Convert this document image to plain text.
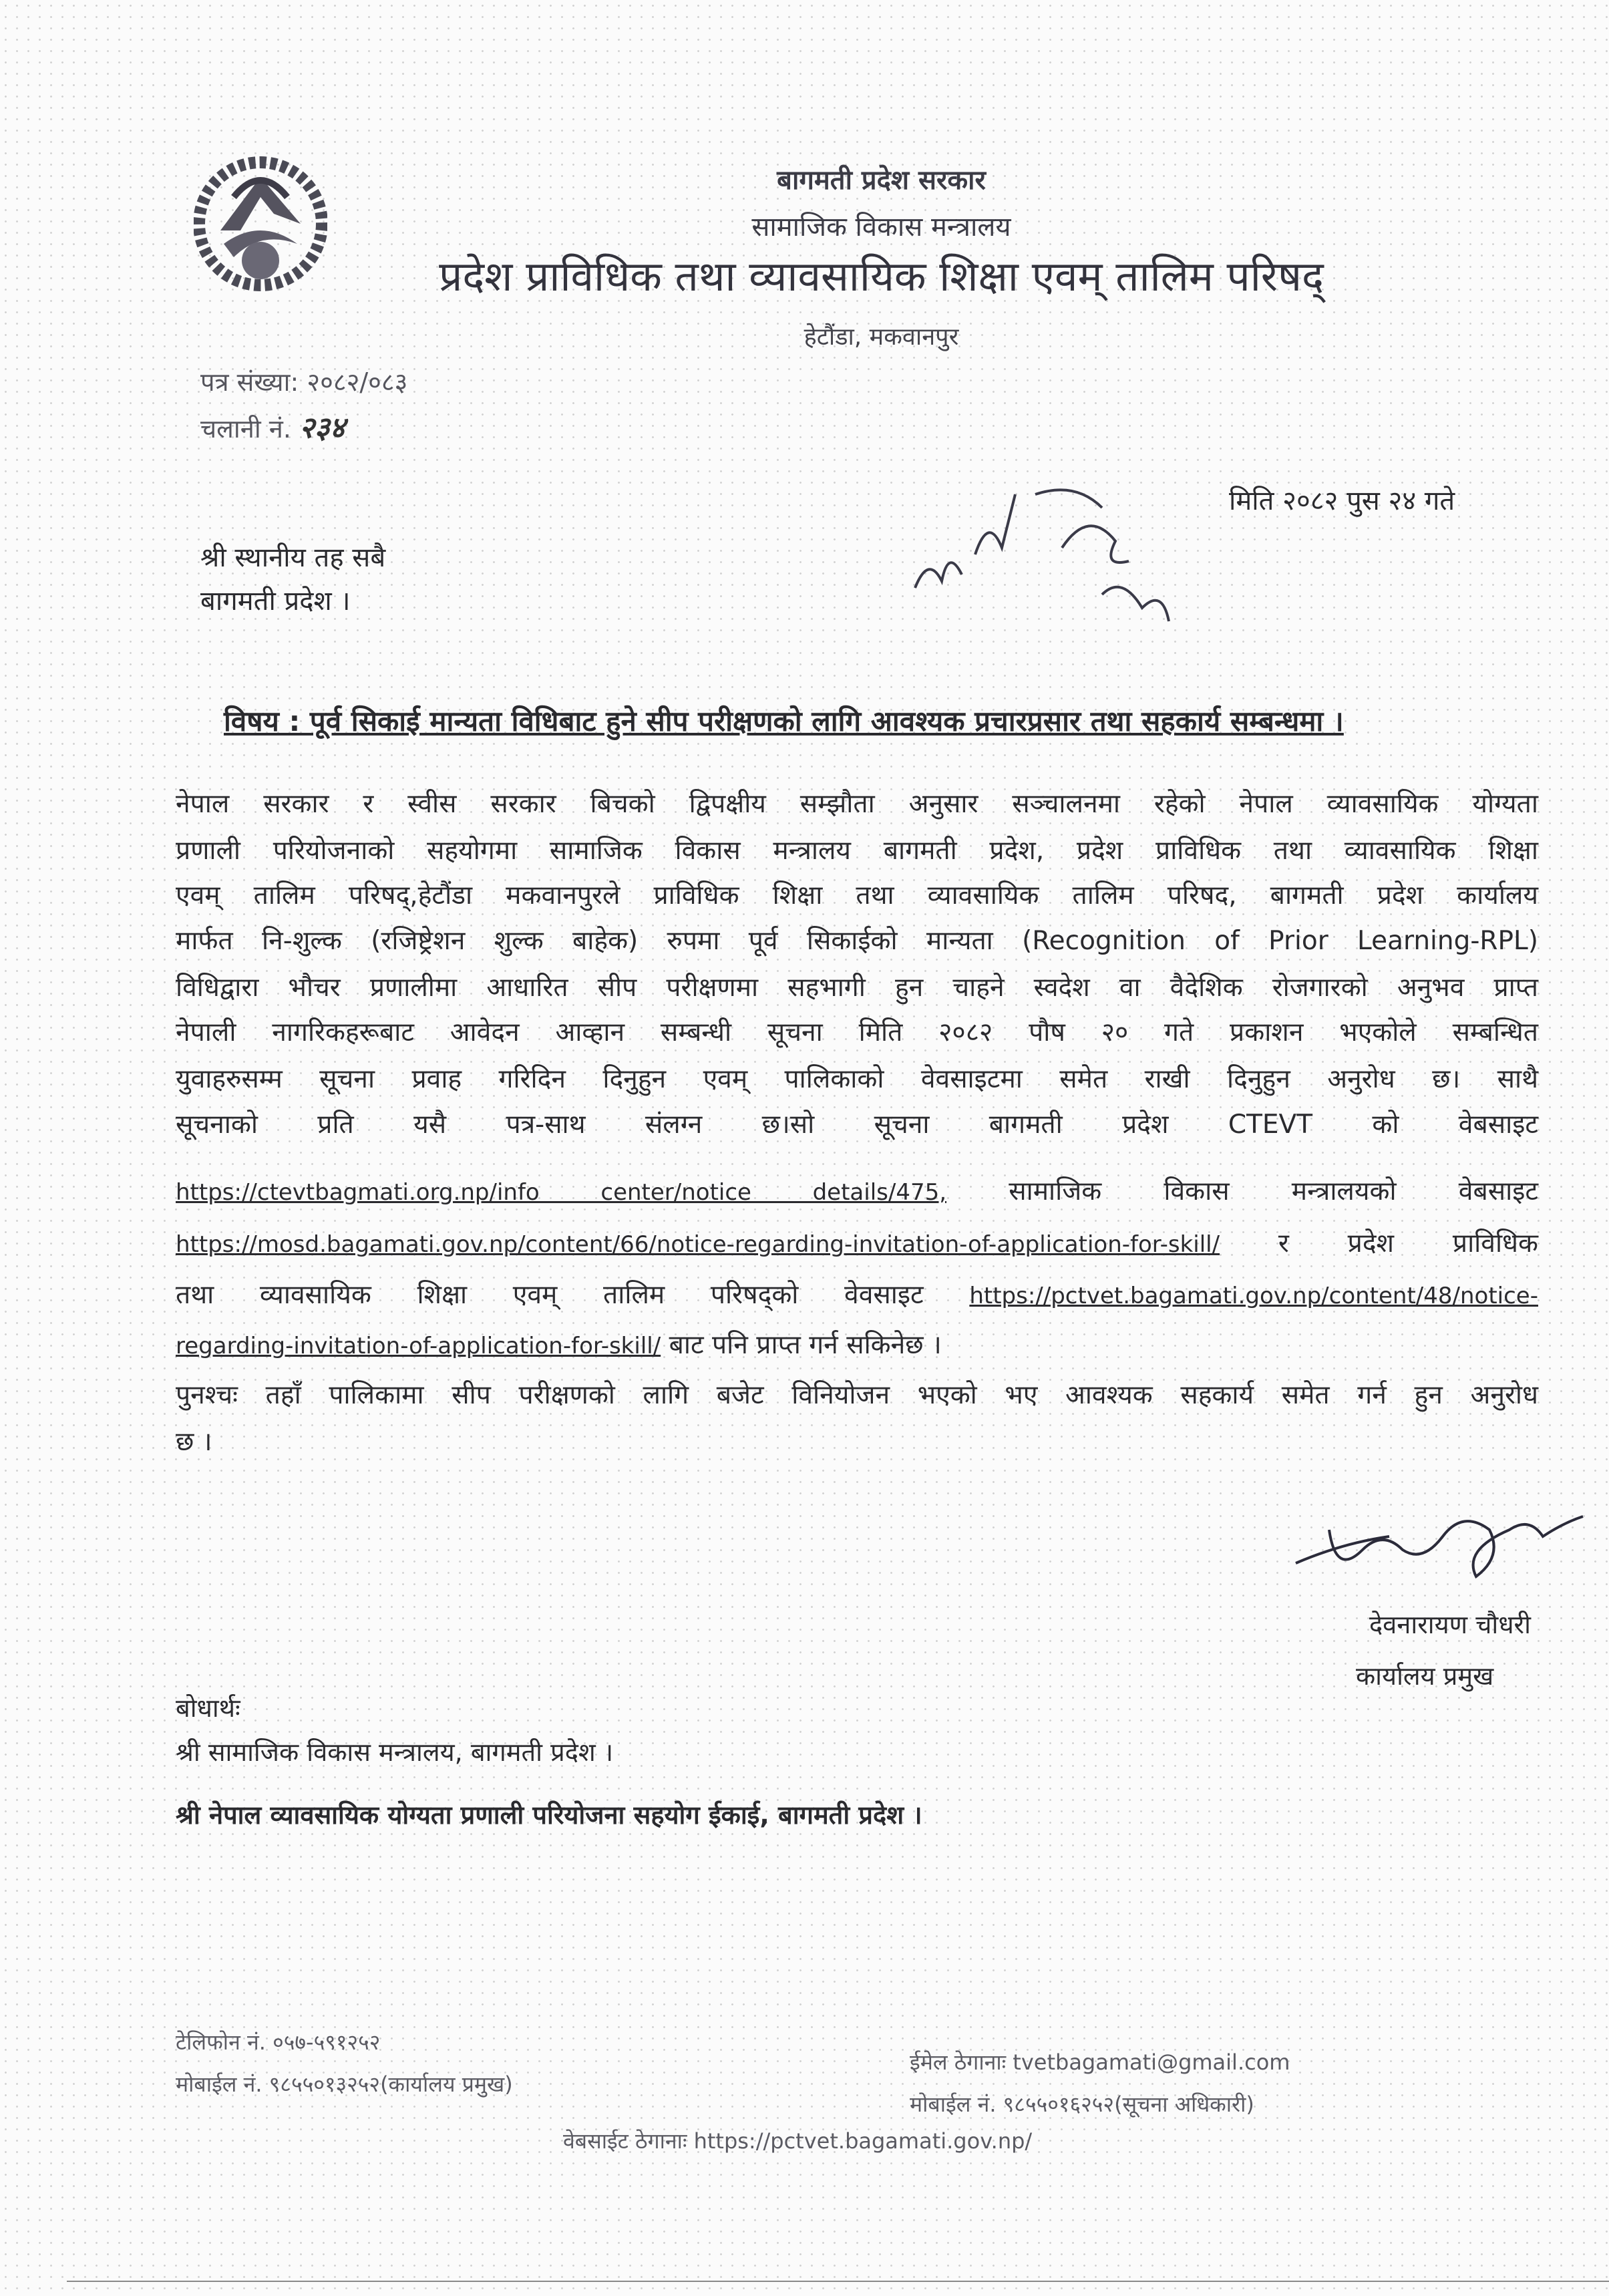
बागमती प्रदेश सरकार
सामाजिक विकास मन्त्रालय
प्रदेश प्राविधिक तथा व्यावसायिक शिक्षा एवम् तालिम परिषद्
हेटौंडा, मकवानपुर
पत्र संख्या: २०८२/०८३
चलानी नं. २३४
मिति २०८२ पुस २४ गते
श्री स्थानीय तह सबै
बागमती प्रदेश ।
विषय : पूर्व सिकाई मान्यता विधिबाट हुने सीप परीक्षणको लागि आवश्यक प्रचारप्रसार तथा सहकार्य सम्बन्धमा ।
नेपाल सरकार र स्वीस सरकार बिचको द्विपक्षीय सम्झौता अनुसार सञ्चालनमा रहेको नेपाल व्यावसायिक योग्यता
प्रणाली परियोजनाको सहयोगमा सामाजिक विकास मन्त्रालय बागमती प्रदेश, प्रदेश प्राविधिक तथा व्यावसायिक शिक्षा
एवम् तालिम परिषद्,हेटौंडा मकवानपुरले प्राविधिक शिक्षा तथा व्यावसायिक तालिम परिषद, बागमती प्रदेश कार्यालय
मार्फत नि-शुल्क (रजिष्ट्रेशन शुल्क बाहेक) रुपमा पूर्व सिकाईको मान्यता (Recognition of Prior Learning-RPL)
विधिद्वारा भौचर प्रणालीमा आधारित सीप परीक्षणमा सहभागी हुन चाहने स्वदेश वा वैदेशिक रोजगारको अनुभव प्राप्त
नेपाली नागरिकहरूबाट आवेदन आव्हान सम्बन्धी सूचना मिति २०८२ पौष २० गते प्रकाशन भएकोले सम्बन्धित
युवाहरुसम्म सूचना प्रवाह गरिदिन दिनुहुन एवम् पालिकाको वेवसाइटमा समेत राखी दिनुहुन अनुरोध छ। साथै
सूचनाको प्रति यसै पत्र-साथ संलग्न छ।सो सूचना बागमती प्रदेश CTEVT को वेबसाइट
https://ctevtbagmati.org.np/info center/notice details/475, सामाजिक विकास मन्त्रालयको वेबसाइट
https://mosd.bagamati.gov.np/content/66/notice-regarding-invitation-of-application-for-skill/ र प्रदेश प्राविधिक
तथा व्यावसायिक शिक्षा एवम् तालिम परिषद्को वेवसाइट https://pctvet.bagamati.gov.np/content/48/notice-
regarding-invitation-of-application-for-skill/ बाट पनि प्राप्त गर्न सकिनेछ ।
पुनश्चः तहाँ पालिकामा सीप परीक्षणको लागि बजेट विनियोजन भएको भए आवश्यक सहकार्य समेत गर्न हुन अनुरोध
छ ।
देवनारायण चौधरी
कार्यालय प्रमुख
बोधार्थः
श्री सामाजिक विकास मन्त्रालय, बागमती प्रदेश ।
श्री नेपाल व्यावसायिक योग्यता प्रणाली परियोजना सहयोग ईकाई, बागमती प्रदेश ।
टेलिफोन नं. ०५७-५९१२५२
मोबाईल नं. ९८५५०१३२५२(कार्यालय प्रमुख)
ईमेल ठेगानाः tvetbagamati@gmail.com
मोबाईल नं. ९८५५०१६२५२(सूचना अधिकारी)
वेबसाईट ठेगानाः https://pctvet.bagamati.gov.np/
